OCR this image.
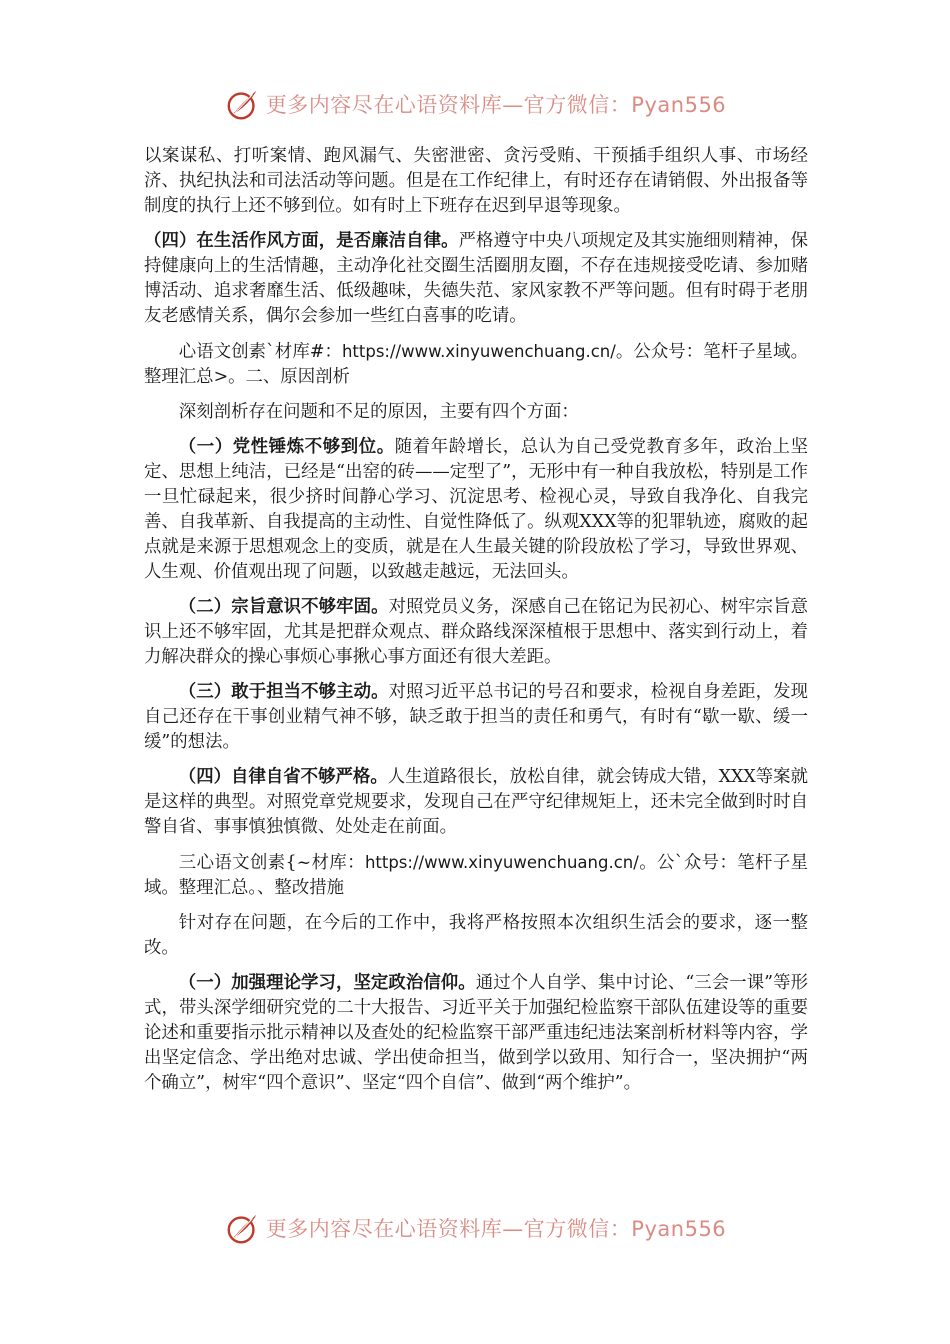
更多内容尽在心语资料库—官方微信：Pyan556

以案谋私、打听案情、跑风漏气、失密泄密、贪污受贿、干预插手组织人事、市场经济、执纪执法和司法活动等问题。但是在工作纪律上，有时还存在请销假、外出报备等制度的执行上还不够到位。如有时上下班存在迟到早退等现象。

（四）在生活作风方面，是否廉洁自律。严格遵守中央八项规定及其实施细则精神，保持健康向上的生活情趣，主动净化社交圈生活圈朋友圈，不存在违规接受吃请、参加赌博活动、追求奢靡生活、低级趣味，失德失范、家风家教不严等问题。但有时碍于老朋友老感情关系，偶尔会参加一些红白喜事的吃请。

心语文创素`材库#：https://www.xinyuwenchuang.cn/。公众号：笔杆子星域。整理汇总>。二、原因剖析

深刻剖析存在问题和不足的原因，主要有四个方面：

（一）党性锤炼不够到位。随着年龄增长，总认为自己受党教育多年，政治上坚定、思想上纯洁，已经是“出窑的砖——定型了”，无形中有一种自我放松，特别是工作一旦忙碌起来，很少挤时间静心学习、沉淀思考、检视心灵，导致自我净化、自我完善、自我革新、自我提高的主动性、自觉性降低了。纵观XXX等的犯罪轨迹，腐败的起点就是来源于思想观念上的变质，就是在人生最关键的阶段放松了学习，导致世界观、人生观、价值观出现了问题，以致越走越远，无法回头。

（二）宗旨意识不够牢固。对照党员义务，深感自己在铭记为民初心、树牢宗旨意识上还不够牢固，尤其是把群众观点、群众路线深深植根于思想中、落实到行动上，着力解决群众的操心事烦心事揪心事方面还有很大差距。

（三）敢于担当不够主动。对照习近平总书记的号召和要求，检视自身差距，发现自己还存在干事创业精气神不够，缺乏敢于担当的责任和勇气，有时有“歇一歇、缓一缓”的想法。

（四）自律自省不够严格。人生道路很长，放松自律，就会铸成大错，XXX等案就是这样的典型。对照党章党规要求，发现自己在严守纪律规矩上，还未完全做到时时自警自省、事事慎独慎微、处处走在前面。

三心语文创素{~材库：https://www.xinyuwenchuang.cn/。公`众号：笔杆子星域。整理汇总。、整改措施

针对存在问题，在今后的工作中，我将严格按照本次组织生活会的要求，逐一整改。

（一）加强理论学习，坚定政治信仰。通过个人自学、集中讨论、“三会一课”等形式，带头深学细研究党的二十大报告、习近平关于加强纪检监察干部队伍建设等的重要论述和重要指示批示精神以及查处的纪检监察干部严重违纪违法案剖析材料等内容，学出坚定信念、学出绝对忠诚、学出使命担当，做到学以致用、知行合一，坚决拥护“两个确立”，树牢“四个意识”、坚定“四个自信”、做到“两个维护”。

更多内容尽在心语资料库—官方微信：Pyan556
